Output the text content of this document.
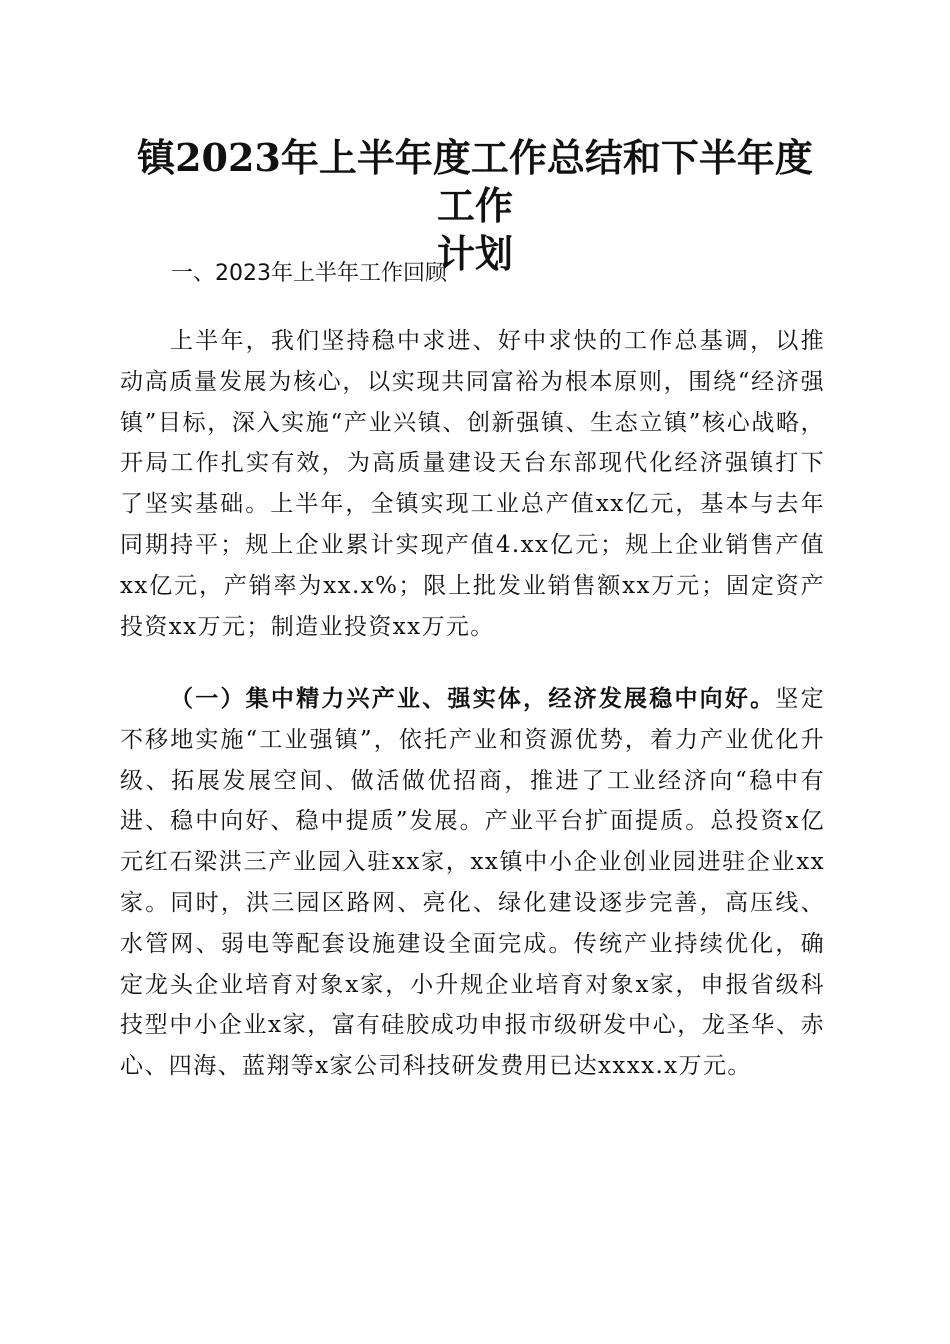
镇2023年上半年度工作总结和下半年度工作
计划
一、2023年上半年工作回顾

上半年，我们坚持稳中求进、好中求快的工作总基调，以推动高质量发展为核心，以实现共同富裕为根本原则，围绕“经济强镇”目标，深入实施“产业兴镇、创新强镇、生态立镇”核心战略，开局工作扎实有效，为高质量建设天台东部现代化经济强镇打下了坚实基础。上半年，全镇实现工业总产值xx亿元，基本与去年同期持平；规上企业累计实现产值4.xx亿元；规上企业销售产值xx亿元，产销率为xx.x%；限上批发业销售额xx万元；固定资产投资xx万元；制造业投资xx万元。

（一）集中精力兴产业、强实体，经济发展稳中向好。坚定不移地实施“工业强镇”，依托产业和资源优势，着力产业优化升级、拓展发展空间、做活做优招商，推进了工业经济向“稳中有进、稳中向好、稳中提质”发展。产业平台扩面提质。总投资x亿元红石梁洪三产业园入驻xx家，xx镇中小企业创业园进驻企业xx家。同时，洪三园区路网、亮化、绿化建设逐步完善，高压线、水管网、弱电等配套设施建设全面完成。传统产业持续优化，确定龙头企业培育对象x家，小升规企业培育对象x家，申报省级科技型中小企业x家，富有硅胶成功申报市级研发中心，龙圣华、赤心、四海、蓝翔等x家公司科技研发费用已达xxxx.x万元。
